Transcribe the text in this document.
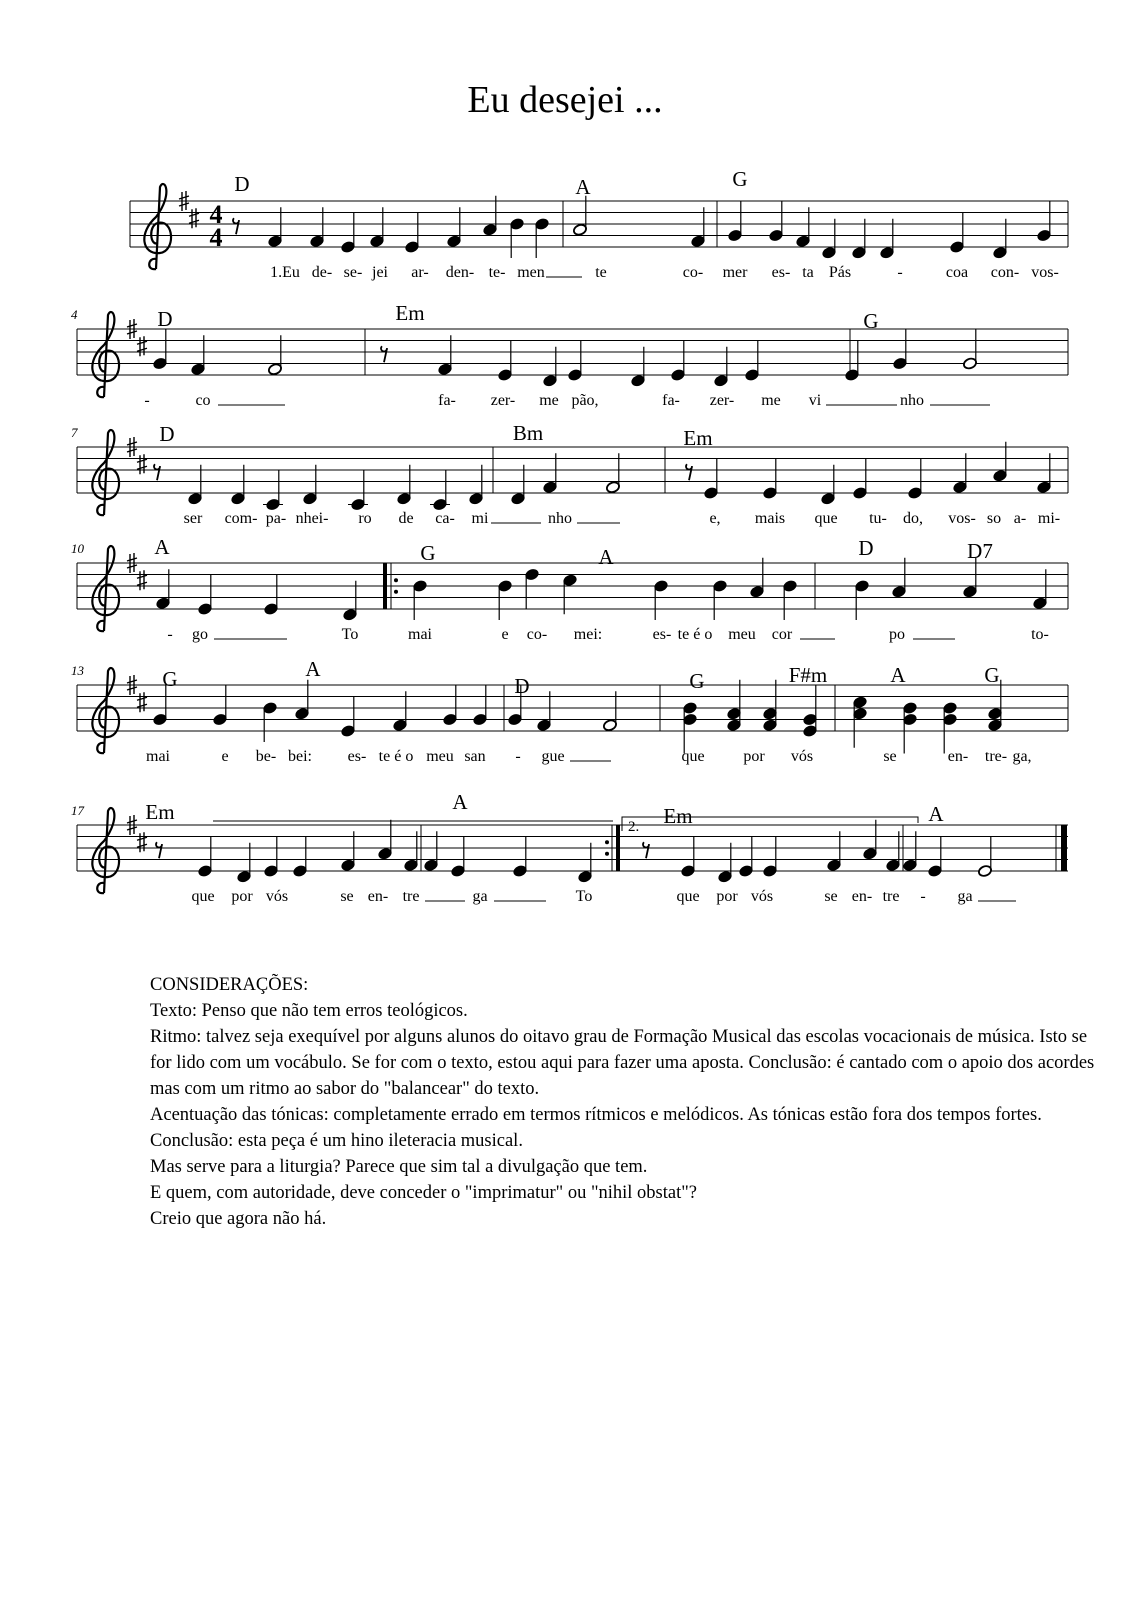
Eu desejei ...
4
4
D	A	G
1.Eu de- se- jei ar- den- te- men	te	co- mer es- ta Pás	-	coa con- vos-
4	D	Em	G
-	co	fa- zer- me pão,	fa- zer- me vi	nho
7	D	Bm	Em
ser com- pa- nhei- ro de ca- mi	nho	e, mais que tu- do, vos- so a- mi-
10	A	G	A	D	D7
- go	To	mai	e co- mei:	es- te é o meu cor	po	to-
13	G	A
D	G	F#m	A	G
mai	e be- bei: es- te é o meu san - gue	que por vós	se	en- tre- ga,
17	Em	A
Em	A
que por vós	se en- tre	ga	To	que por vós	se en- tre - ga
2.

CONSIDERAÇÕES:

Texto: Penso que não tem erros teológicos.

Ritmo: talvez seja exequível por alguns alunos do oitavo grau de Formação Musical das escolas vocacionais de música. Isto se for lido com um vocábulo. Se for com o texto, estou aqui para fazer uma aposta. Conclusão: é cantado com o apoio dos acordes mas com um ritmo ao sabor do "balancear" do texto.

Acentuação das tónicas: completamente errado em termos rítmicos e melódicos. As tónicas estão fora dos tempos fortes.

Conclusão: esta peça é um hino ileteracia musical.

Mas serve para a liturgia? Parece que sim tal a divulgação que tem.

E quem, com autoridade, deve conceder o "imprimatur" ou "nihil obstat"?

Creio que agora não há.
